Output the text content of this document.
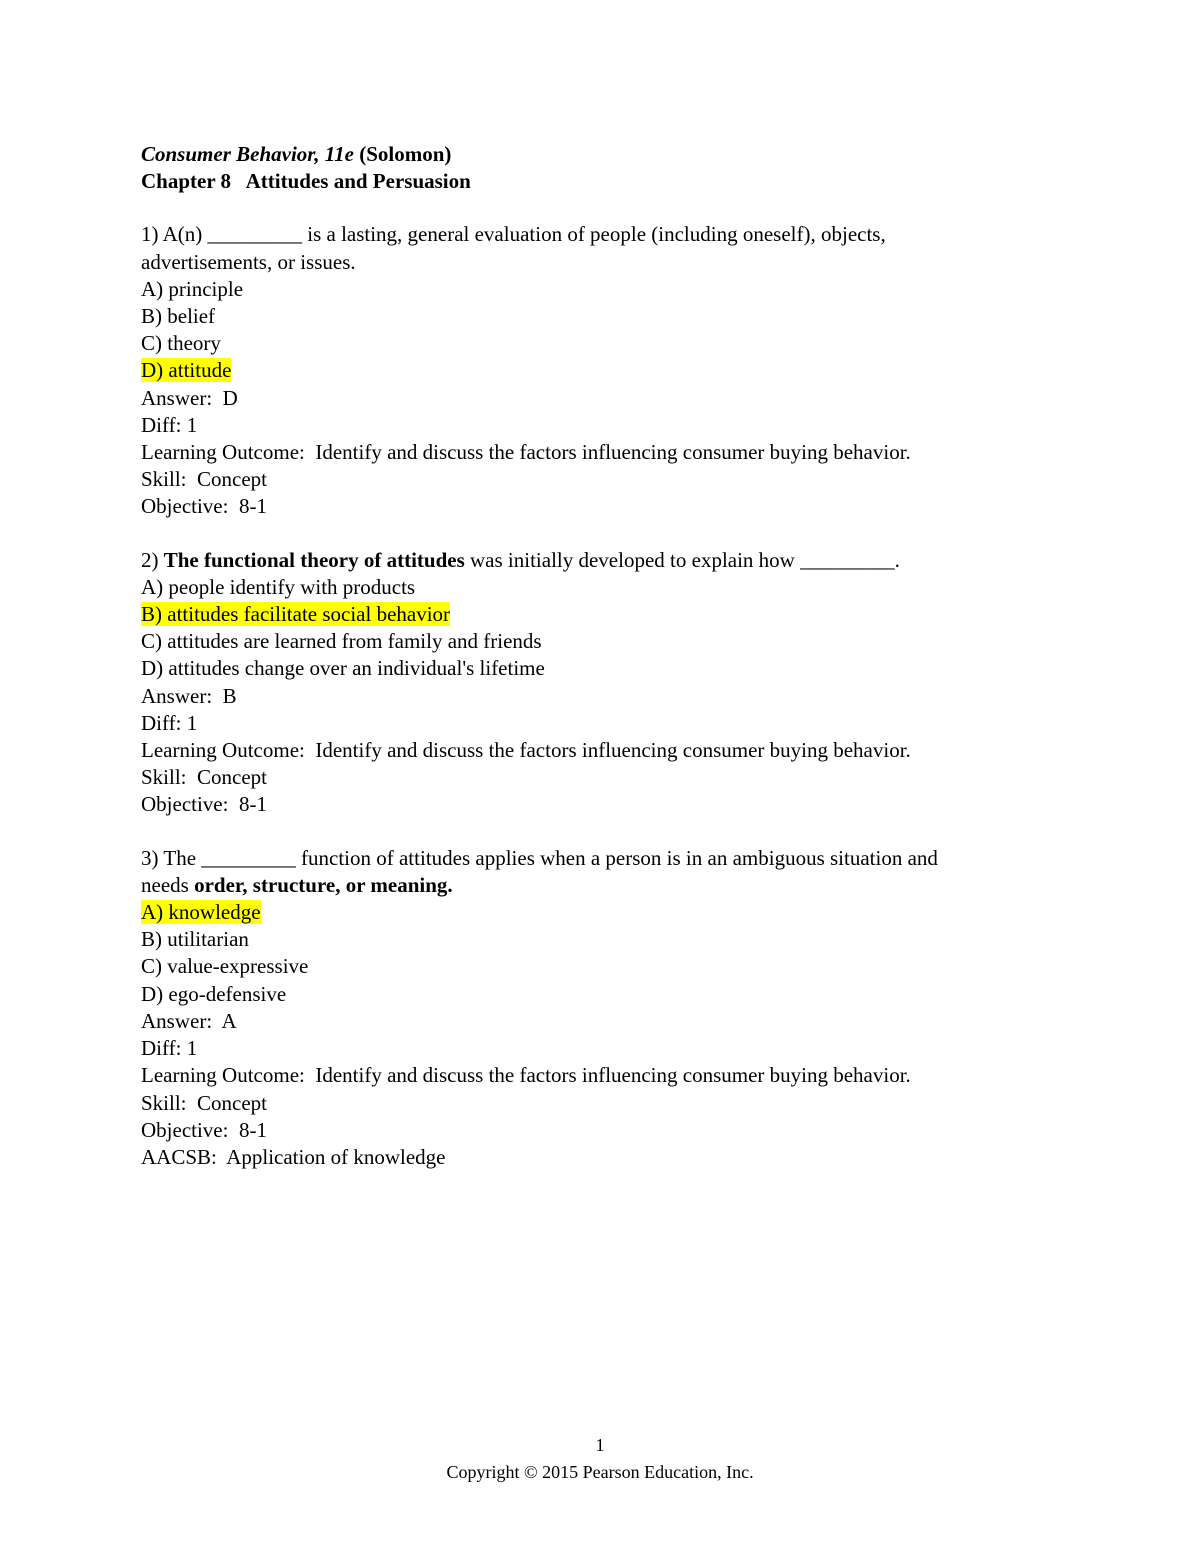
Consumer Behavior, 11e (Solomon)
Chapter 8   Attitudes and Persuasion
1) A(n) _________ is a lasting, general evaluation of people (including oneself), objects,
advertisements, or issues.
A) principle
B) belief
C) theory
D) attitude
Answer:  D
Diff: 1
Learning Outcome:  Identify and discuss the factors influencing consumer buying behavior.
Skill:  Concept
Objective:  8-1
2) The functional theory of attitudes was initially developed to explain how _________.
A) people identify with products
B) attitudes facilitate social behavior
C) attitudes are learned from family and friends
D) attitudes change over an individual's lifetime
Answer:  B
Diff: 1
Learning Outcome:  Identify and discuss the factors influencing consumer buying behavior.
Skill:  Concept
Objective:  8-1
3) The _________ function of attitudes applies when a person is in an ambiguous situation and
needs order, structure, or meaning.
A) knowledge
B) utilitarian
C) value-expressive
D) ego-defensive
Answer:  A
Diff: 1
Learning Outcome:  Identify and discuss the factors influencing consumer buying behavior.
Skill:  Concept
Objective:  8-1
AACSB:  Application of knowledge
1
Copyright © 2015 Pearson Education, Inc.
